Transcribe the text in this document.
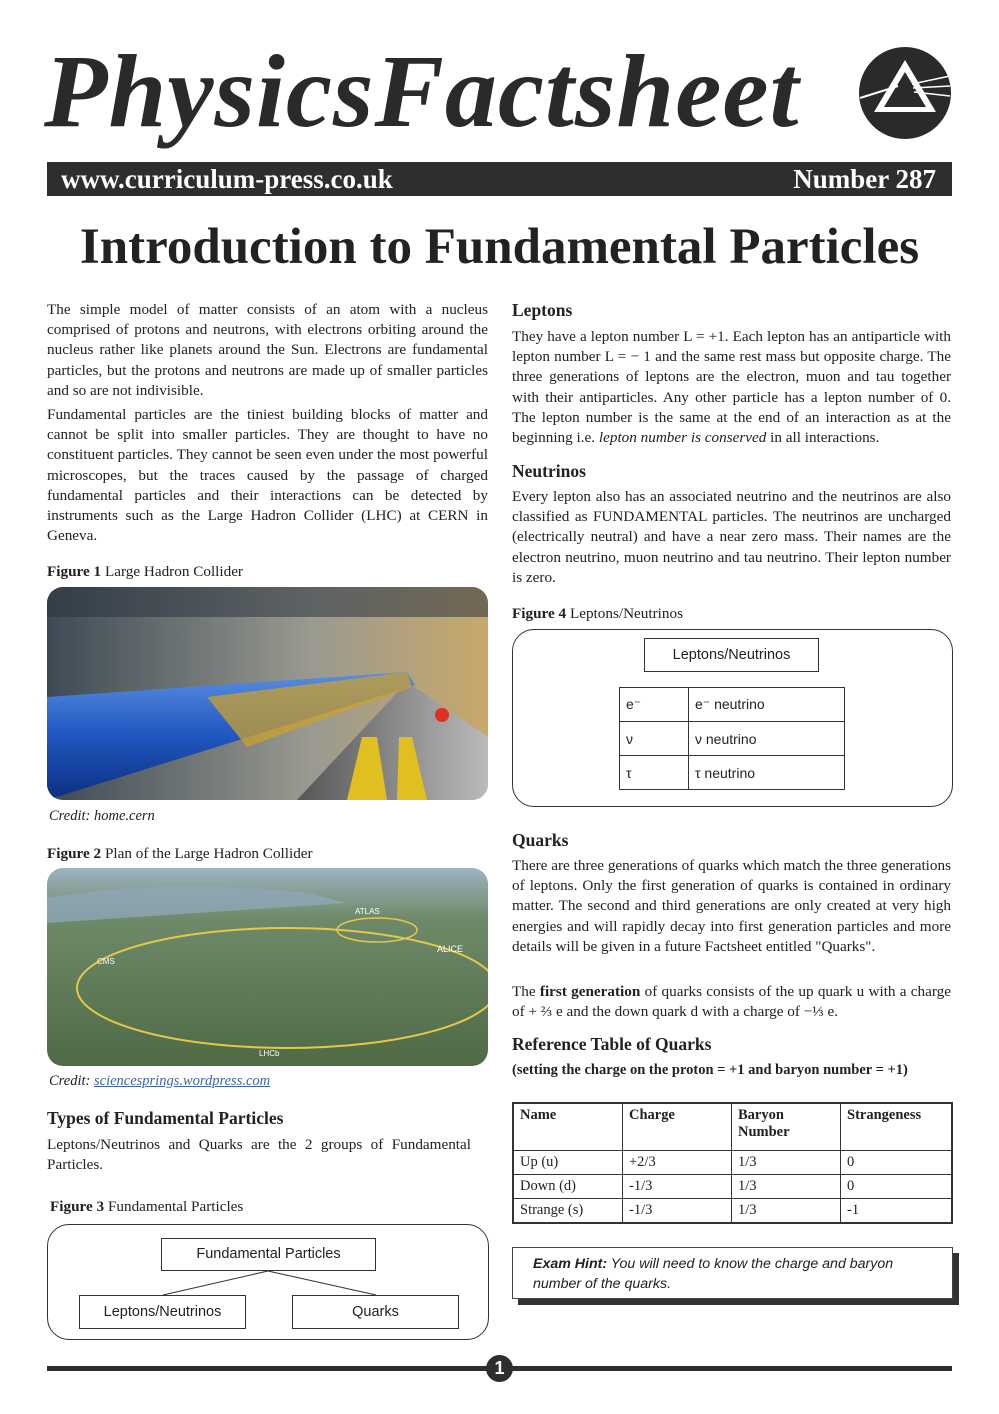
PhysicsFactsheet
www.curriculum-press.co.uk	Number 287
Introduction to Fundamental Particles

The simple model of matter consists of an atom with a nucleus comprised of protons and neutrons, with electrons orbiting around the nucleus rather like planets around the Sun. Electrons are fundamental particles, but the protons and neutrons are made up of smaller particles and so are not indivisible.

Fundamental particles are the tiniest building blocks of matter and cannot be split into smaller particles. They are thought to have no constituent particles. They cannot be seen even under the most powerful microscopes, but the traces caused by the passage of charged fundamental particles and their interactions can be detected by instruments such as the Large Hadron Collider (LHC) at CERN in Geneva.

Figure 1 Large Hadron Collider
Credit: home.cern
Figure 2 Plan of the Large Hadron Collider
ALICE
CMS
ATLAS
LHCb
Credit: sciencesprings.wordpress.com
Types of Fundamental Particles
Leptons/Neutrinos and Quarks are the 2 groups of Fundamental Particles.
Figure 3 Fundamental Particles
Fundamental Particles
Leptons/Neutrinos	Quarks
Leptons

They have a lepton number L = +1. Each lepton has an antiparticle with lepton number L = − 1 and the same rest mass but opposite charge. The three generations of leptons are the electron, muon and tau together with their antiparticles. Any other particle has a lepton number of 0. The lepton number is the same at the end of an interaction as at the beginning i.e. lepton number is conserved in all interactions.

Neutrinos

Every lepton also has an associated neutrino and the neutrinos are also classified as FUNDAMENTAL particles. The neutrinos are uncharged (electrically neutral) and have a near zero mass. Their names are the electron neutrino, muon neutrino and tau neutrino. Their lepton number is zero.

Figure 4 Leptons/Neutrinos
Leptons/Neutrinos
e⁻	e⁻ neutrino
ν	ν neutrino
τ	τ neutrino
Quarks

There are three generations of quarks which match the three generations of leptons. Only the first generation of quarks is contained in ordinary matter. The second and third generations are only created at very high energies and will rapidly decay into first generation particles and more details will be given in a future Factsheet entitled "Quarks".

The first generation of quarks consists of the up quark u with a charge of + ⅔ e and the down quark d with a charge of −⅓ e.

Reference Table of Quarks
(setting the charge on the proton = +1 and baryon number = +1)
Name	Charge	Baryon Number	Strangeness
Up (u)	+2/3	1/3	0
Down (d)	-1/3	1/3	0
Strange (s)	-1/3	1/3	-1
Exam Hint: You will need to know the charge and baryon number of the quarks.
1
